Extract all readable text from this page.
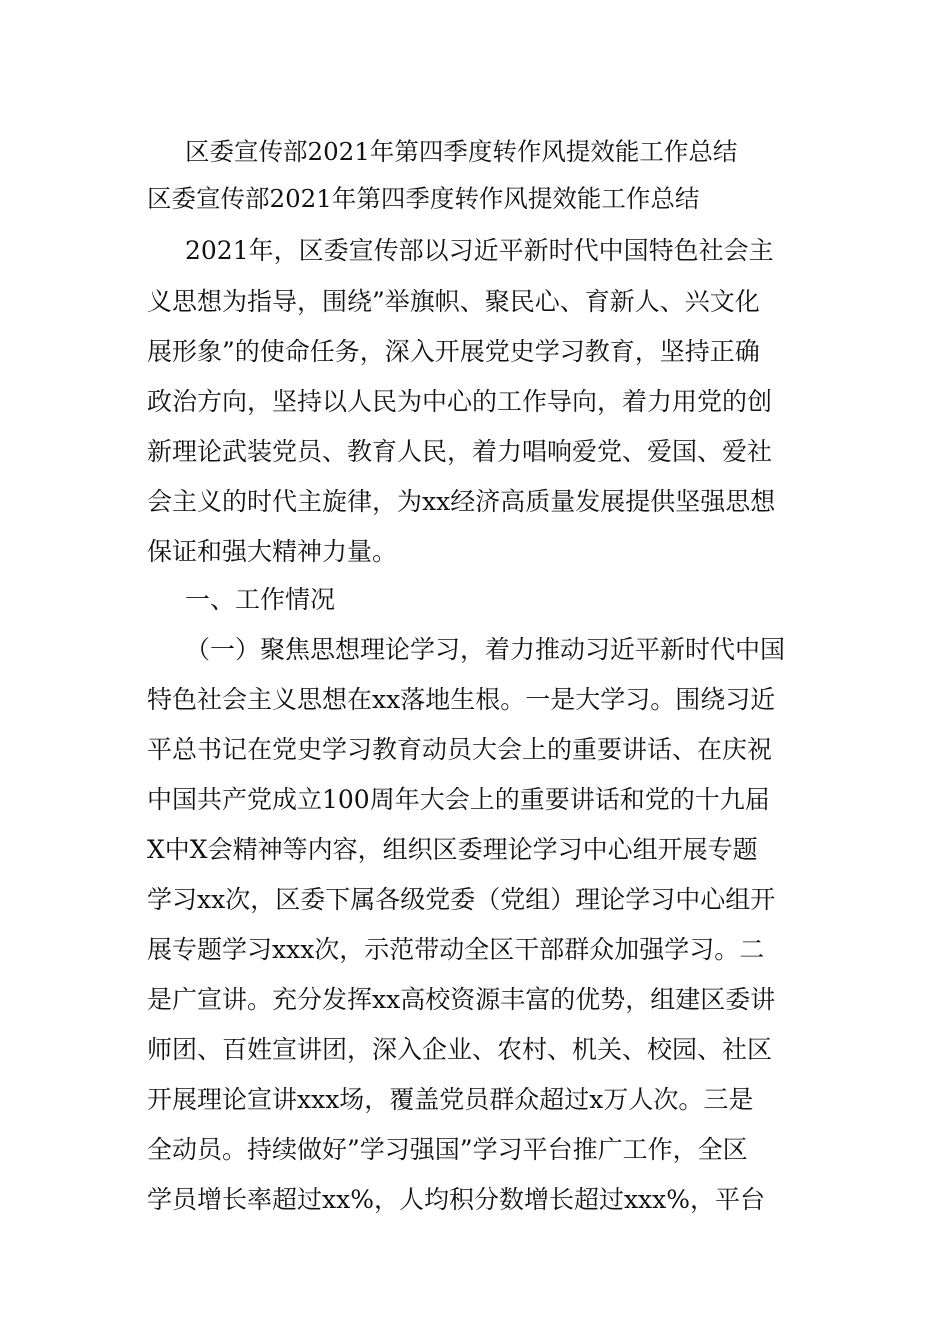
区委宣传部2021年第四季度转作风提效能工作总结
区委宣传部2021年第四季度转作风提效能工作总结
2021年，区委宣传部以习近平新时代中国特色社会主
义思想为指导，围绕”举旗帜、聚民心、育新人、兴文化
展形象”的使命任务，深入开展党史学习教育，坚持正确
政治方向，坚持以人民为中心的工作导向，着力用党的创
新理论武装党员、教育人民，着力唱响爱党、爱国、爱社
会主义的时代主旋律，为xx经济高质量发展提供坚强思想
保证和强大精神力量。
一、工作情况
（一）聚焦思想理论学习，着力推动习近平新时代中国
特色社会主义思想在xx落地生根。一是大学习。围绕习近
平总书记在党史学习教育动员大会上的重要讲话、在庆祝
中国共产党成立100周年大会上的重要讲话和党的十九届
X中X会精神等内容，组织区委理论学习中心组开展专题
学习xx次，区委下属各级党委（党组）理论学习中心组开
展专题学习xxx次，示范带动全区干部群众加强学习。二
是广宣讲。充分发挥xx高校资源丰富的优势，组建区委讲
师团、百姓宣讲团，深入企业、农村、机关、校园、社区
开展理论宣讲xxx场，覆盖党员群众超过x万人次。三是
全动员。持续做好”学习强国”学习平台推广工作，全区
学员增长率超过xx%，人均积分数增长超过xxx%，平台
